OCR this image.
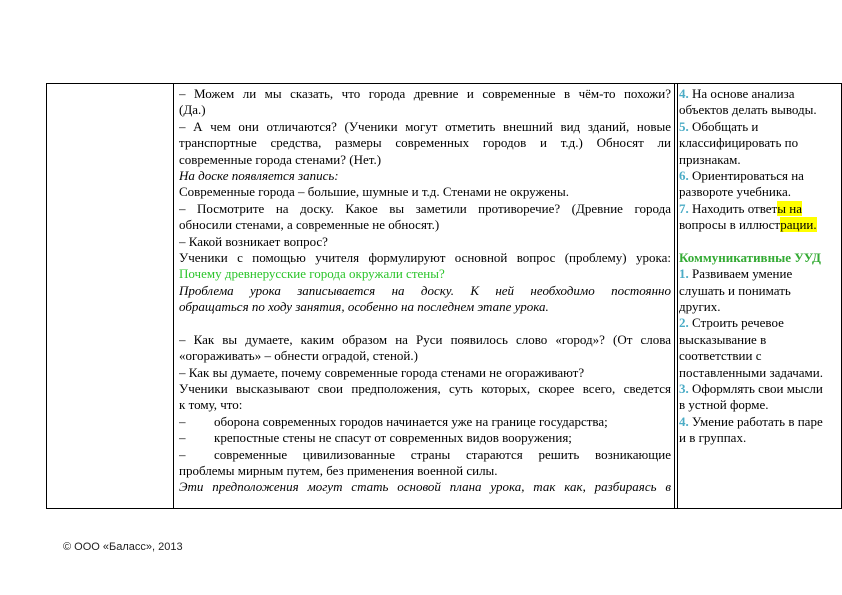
– Можем ли мы сказать, что города древние и современные в чём-то похожи?
(Да.)
– А чем они отличаются? (Ученики могут отметить внешний вид зданий, новые
транспортные средства, размеры современных городов и т.д.) Обносят ли
современные города стенами? (Нет.)
На доске появляется запись:
Современные города – большие, шумные и т.д. Стенами не окружены.
– Посмотрите на доску. Какое вы заметили противоречие? (Древние города
обносили стенами, а современные не обносят.)
– Какой возникает вопрос?
Ученики с помощью учителя формулируют основной вопрос (проблему) урока:
Почему древнерусские города окружали стены?
Проблема урока записывается на доску. К ней необходимо постоянно
обращаться по ходу занятия, особенно на последнем этапе урока.
– Как вы думаете, каким образом на Руси появилось слово «город»? (От слова
«огораживать» – обнести оградой, стеной.)
– Как вы думаете, почему современные города стенами не огораживают?
Ученики высказывают свои предположения, суть которых, скорее всего, сведется
к тому, что:
– оборона современных городов начинается уже на границе государства;
– крепостные стены не спасут от современных видов вооружения;
– современные цивилизованные страны стараются решить возникающие
проблемы мирным путем, без применения военной силы.
Эти предположения могут стать основой плана урока, так как, разбираясь в
4. На основе анализа
объектов делать выводы.
5. Обобщать и
классифицировать по
признакам.
6. Ориентироваться на
развороте учебника.
7. Находить ответы на
вопросы в иллюстрации.
Коммуникативные УУД
1. Развиваем умение
слушать и понимать
других.
2. Строить речевое
высказывание в
соответствии с
поставленными задачами.
3. Оформлять свои мысли
в устной форме.
4. Умение работать в паре
и в группах.
© ООО «Баласс», 2013
